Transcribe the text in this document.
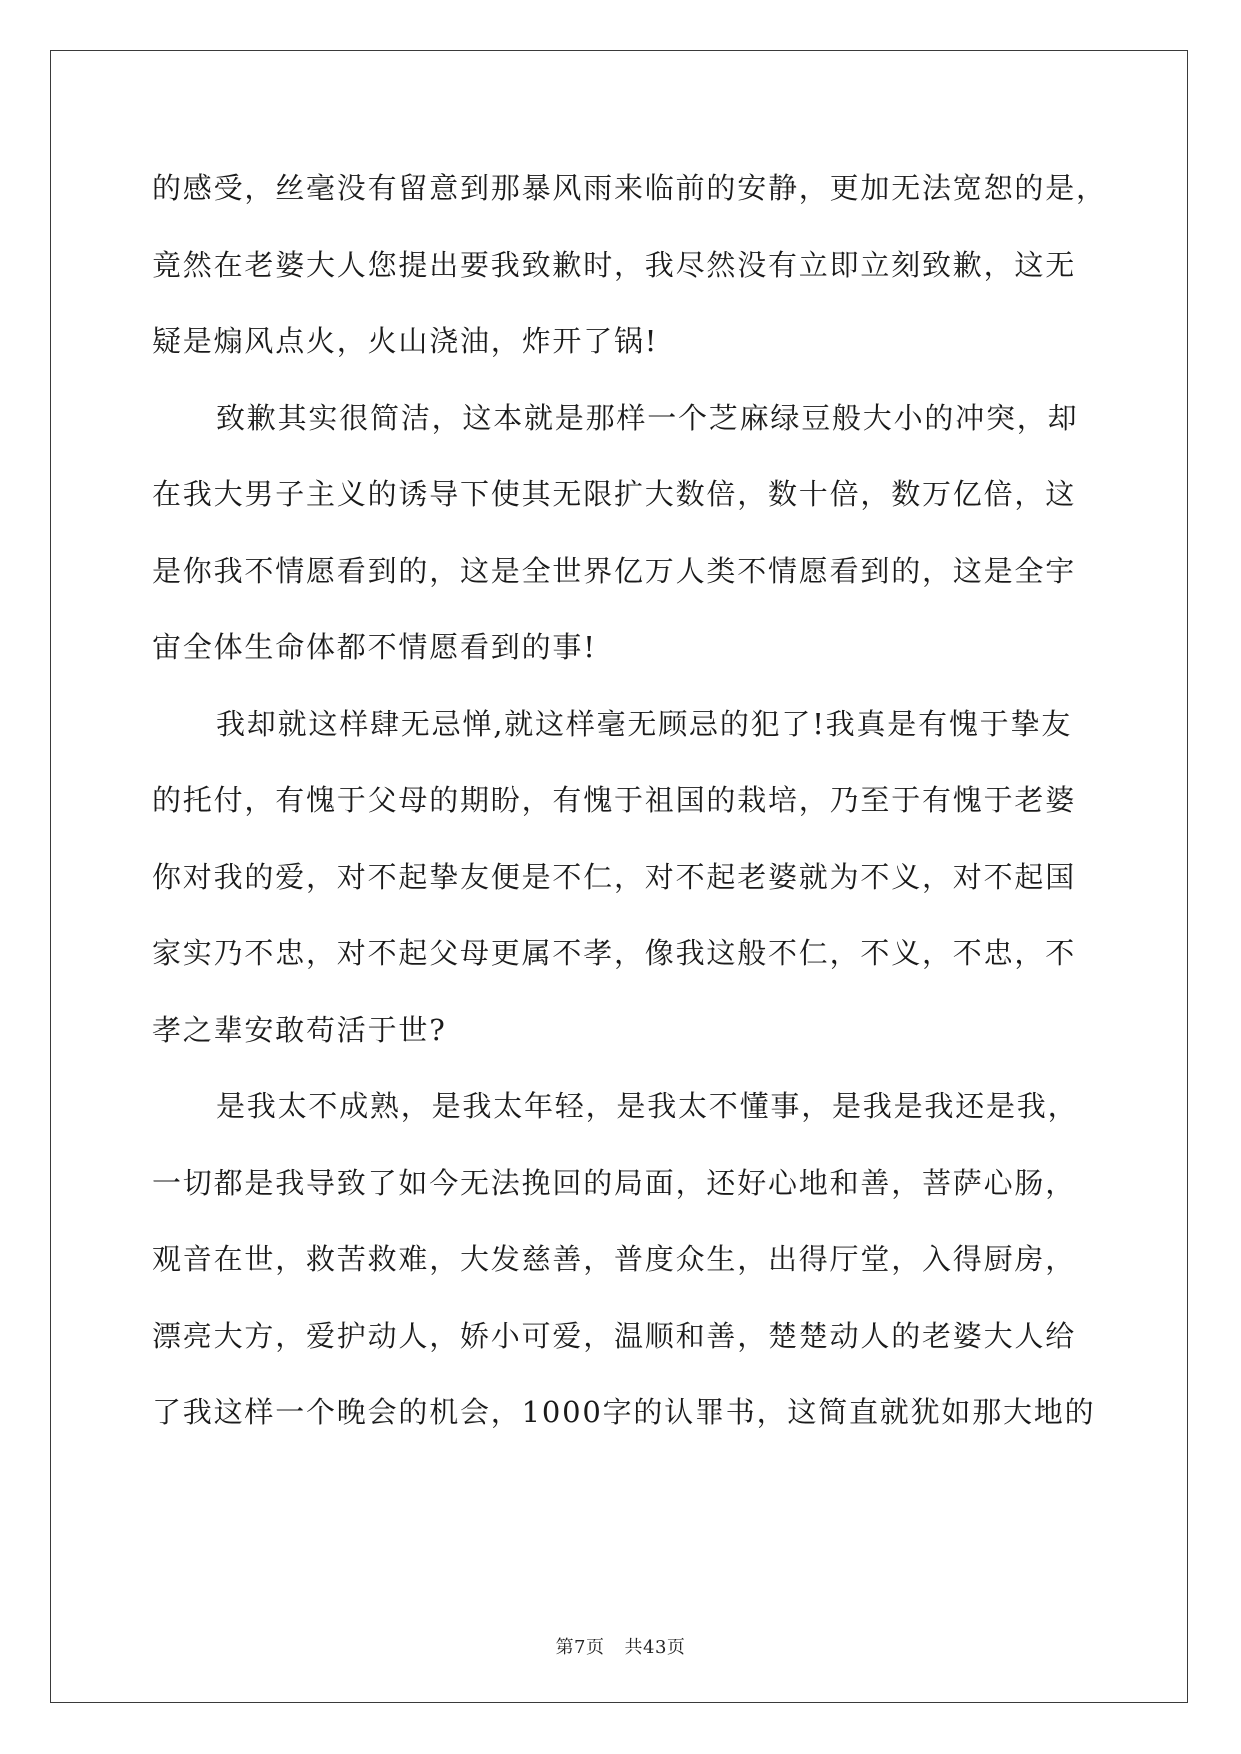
的感受，丝毫没有留意到那暴风雨来临前的安静，更加无法宽恕的是，
竟然在老婆大人您提出要我致歉时，我尽然没有立即立刻致歉，这无
疑是煽风点火，火山浇油，炸开了锅!
致歉其实很简洁，这本就是那样一个芝麻绿豆般大小的冲突，却
在我大男子主义的诱导下使其无限扩大数倍，数十倍，数万亿倍，这
是你我不情愿看到的，这是全世界亿万人类不情愿看到的，这是全宇
宙全体生命体都不情愿看到的事!
我却就这样肆无忌惮,就这样毫无顾忌的犯了!我真是有愧于挚友
的托付，有愧于父母的期盼，有愧于祖国的栽培，乃至于有愧于老婆
你对我的爱，对不起挚友便是不仁，对不起老婆就为不义，对不起国
家实乃不忠，对不起父母更属不孝，像我这般不仁，不义，不忠，不
孝之辈安敢苟活于世?
是我太不成熟，是我太年轻，是我太不懂事，是我是我还是我，
一切都是我导致了如今无法挽回的局面，还好心地和善，菩萨心肠，
观音在世，救苦救难，大发慈善，普度众生，出得厅堂，入得厨房，
漂亮大方，爱护动人，娇小可爱，温顺和善，楚楚动人的老婆大人给
了我这样一个晚会的机会，1000字的认罪书，这简直就犹如那大地的
第7页 共43页
